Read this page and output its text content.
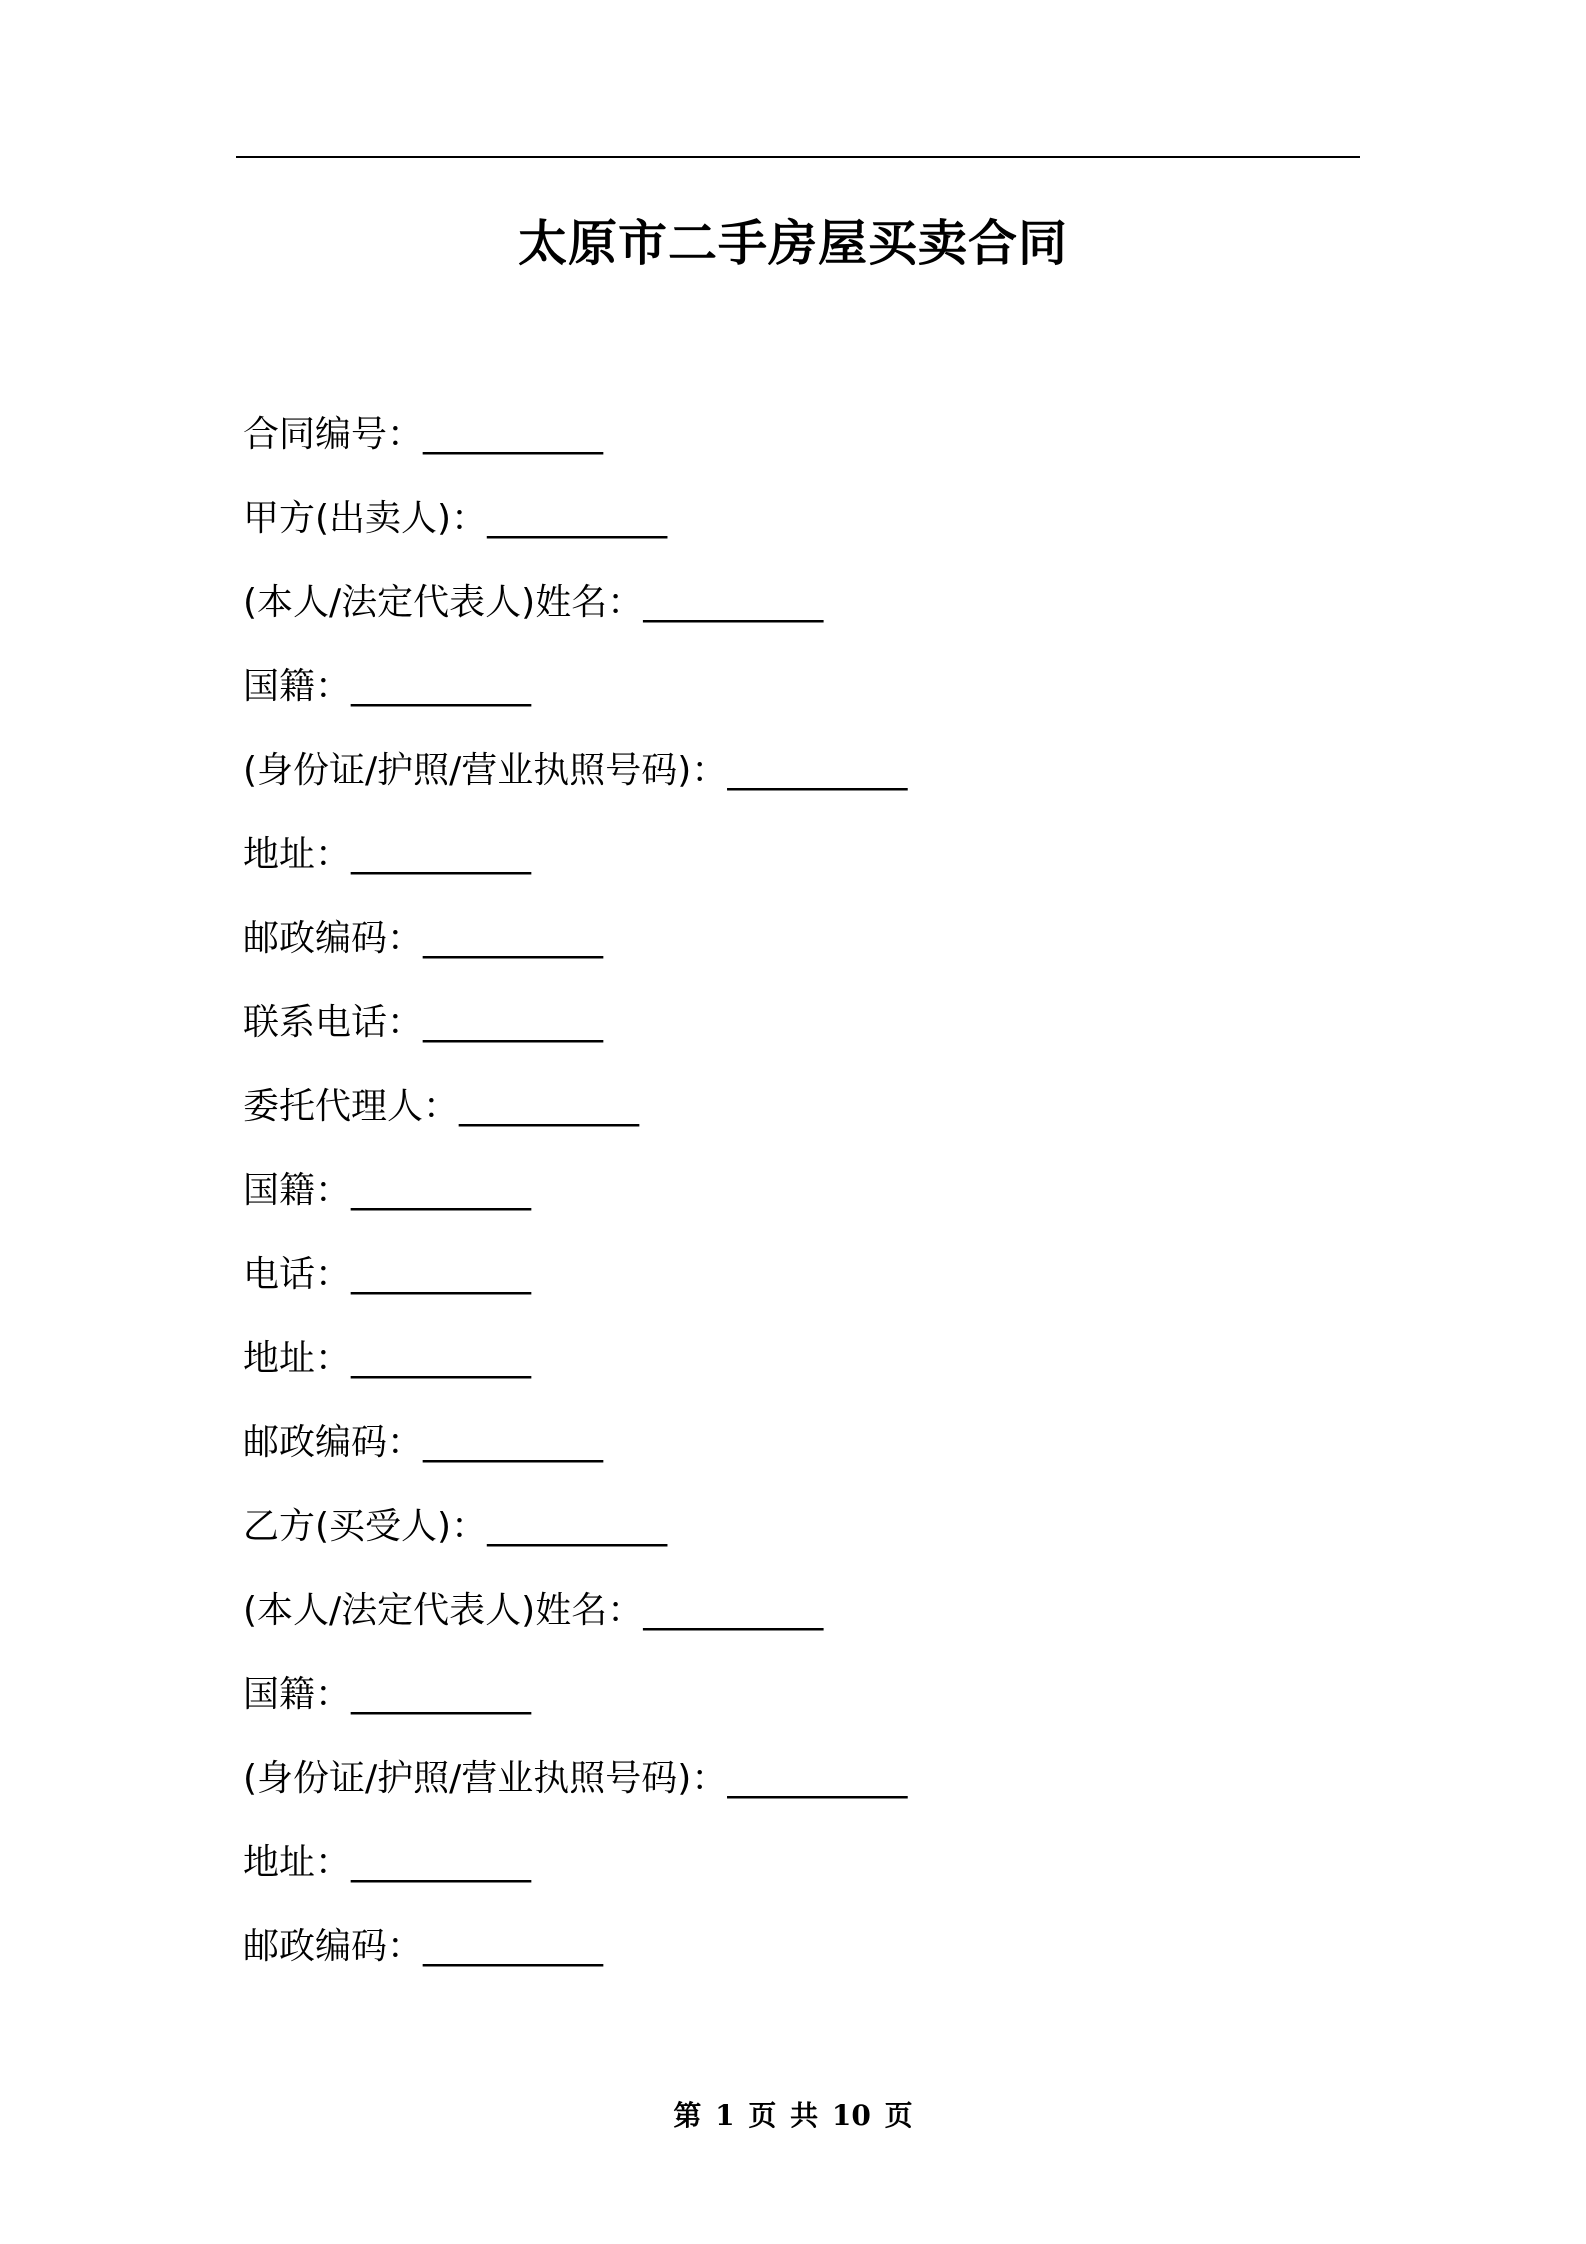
太原市二手房屋买卖合同
合同编号： __________
甲方(出卖人)： __________
(本人/法定代表人)姓名： __________
国籍： __________
(身份证/护照/营业执照号码)： __________
地址： __________
邮政编码： __________
联系电话： __________
委托代理人： __________
国籍： __________
电话： __________
地址： __________
邮政编码： __________
乙方(买受人)： __________
(本人/法定代表人)姓名： __________
国籍： __________
(身份证/护照/营业执照号码)： __________
地址： __________
邮政编码： __________
第 1 页 共 10 页
